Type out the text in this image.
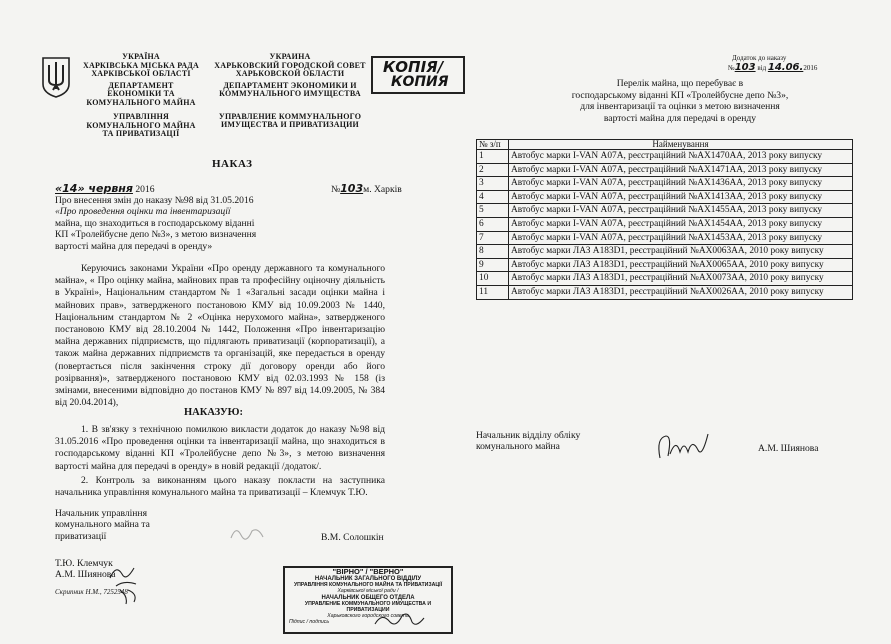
УКРАЇНА
ХАРКІВСЬКА МІСЬКА РАДА
ХАРКІВСЬКОЇ ОБЛАСТІ
ДЕПАРТАМЕНТ
ЕКОНОМІКИ ТА
КОМУНАЛЬНОГО МАЙНА
УПРАВЛІННЯ
КОМУНАЛЬНОГО МАЙНА
ТА ПРИВАТИЗАЦІЇ
УКРАИНА
ХАРЬКОВСКИЙ ГОРОДСКОЙ СОВЕТ
ХАРЬКОВСКОЙ ОБЛАСТИ
ДЕПАРТАМЕНТ ЭКОНОМИКИ И
КОММУНАЛЬНОГО ИМУЩЕСТВА
УПРАВЛЕНИЕ КОММУНАЛЬНОГО
ИМУЩЕСТВА И ПРИВАТИЗАЦИИ
КОПІЯ/
КОПИЯ
НАКАЗ
«14» червня 2016	№103м. Харків
Про внесення змін до наказу №98 від 31.05.2016
«Про проведення оцінки та інвентаризації
майна, що знаходиться в господарському віданні
КП «Тролейбусне депо №3», з метою визначення
вартості майна для передачі в оренду»
Керуючись законами України «Про оренду державного та комунального майна», « Про оцінку майна, майнових прав та професійну оціночну діяльність в Україні», Національним стандартом № 1 «Загальні засади оцінки майна і майнових прав», затвердженого постановою КМУ від 10.09.2003 № 1440, Національним стандартом № 2 «Оцінка нерухомого майна», затвердженого постановою КМУ від 28.10.2004 № 1442, Положення «Про інвентаризацію майна державних підприємств, що підлягають приватизації (корпоратизації), а також майна державних підприємств та організацій, яке передається в оренду (повертається після закінчення строку дії договору оренди або його розірвання)», затвердженого постановою КМУ від 02.03.1993 № 158 (із змінами, внесеними відповідно до постанов КМУ № 897 від 14.09.2005, № 384 від 20.04.2014),
НАКАЗУЮ:
1. В зв'язку з технічною помилкою викласти додаток до наказу №98 від 31.05.2016 «Про проведення оцінки та інвентаризації майна, що знаходиться в господарському віданні КП «Тролейбусне депо №3», з метою визначення вартості майна для передачі в оренду» в новій редакції /додаток/.
2. Контроль за виконанням цього наказу покласти на заступника начальника управління комунального майна та приватизації – Клемчук Т.Ю.
Начальник управління
комунального майна та
приватизації	В.М. Солошкін
Т.Ю. Клемчук
А.М. Шиянова
Скрипник Н.М., 7252548
"ВІРНО" / "ВЕРНО"
НАЧАЛЬНИК ЗАГАЛЬНОГО ВІДДІЛУ
УПРАВЛІННЯ КОМУНАЛЬНОГО МАЙНА ТА ПРИВАТИЗАЦІЇ
Харківської міської ради /
НАЧАЛЬНИК ОБЩЕГО ОТДЕЛА
УПРАВЛЕНИЕ КОММУНАЛЬНОГО ИМУЩЕСТВА И ПРИВАТИЗАЦИИ
Харьковского городского совета
Підпис / подпись
Додаток до наказу
№103 від 14.06.2016
Перелік майна, що перебуває в
господарському віданні КП «Тролейбусне депо №3»,
для інвентаризації та оцінки з метою визначення
вартості майна для передачі в оренду
№ з/п	Найменування
1	Автобус марки І-VAN А07А, реєстраційний №АХ1470АА, 2013 року випуску
2	Автобус марки І-VAN А07А, реєстраційний №АХ1471АА, 2013 року випуску
3	Автобус марки І-VAN А07А, реєстраційний №АХ1436АА, 2013 року випуску
4	Автобус марки І-VAN А07А, реєстраційний №АХ1413АА, 2013 року випуску
5	Автобус марки І-VAN А07А, реєстраційний №АХ1455АА, 2013 року випуску
6	Автобус марки І-VAN А07А, реєстраційний №АХ1454АА, 2013 року випуску
7	Автобус марки І-VAN А07А, реєстраційний №АХ1453АА, 2013 року випуску
8	Автобус марки ЛАЗ А183D1, реєстраційний №АХ0063АА, 2010 року випуску
9	Автобус марки ЛАЗ А183D1, реєстраційний №АХ0065АА, 2010 року випуску
10	Автобус марки ЛАЗ А183D1, реєстраційний №АХ0073АА, 2010 року випуску
11	Автобус марки ЛАЗ А183D1, реєстраційний №АХ0026АА, 2010 року випуску
Начальник відділу обліку
комунального майна	А.М. Шиянова
